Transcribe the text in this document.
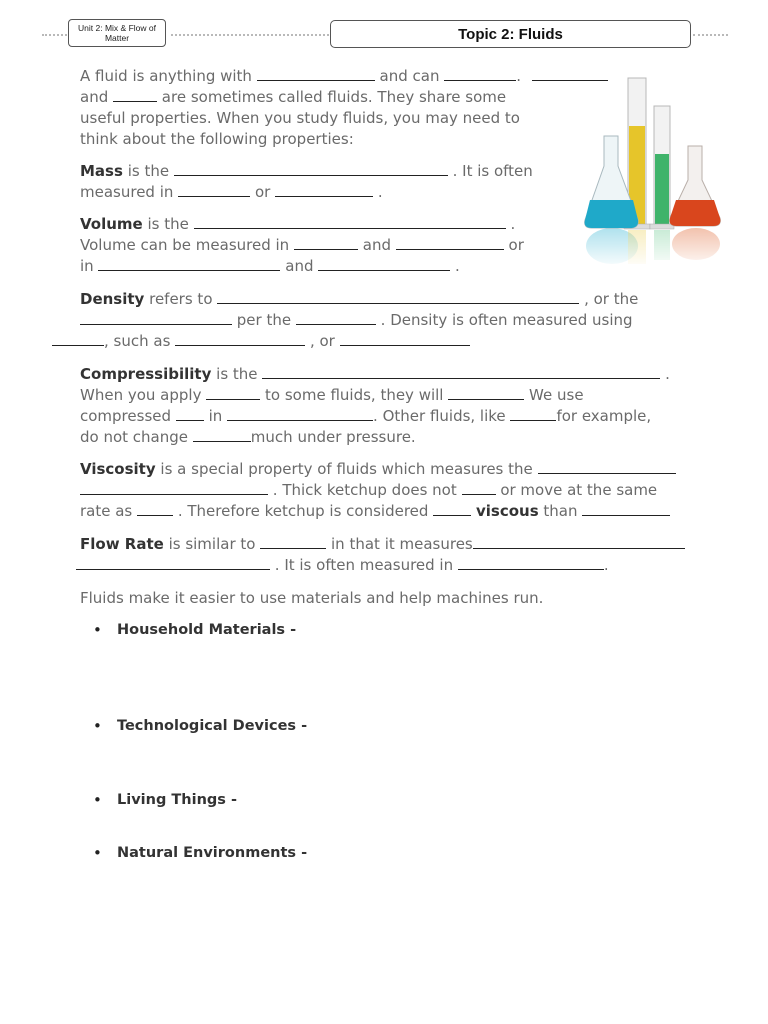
Unit 2: Mix & Flow of
Matter	Topic 2: Fluids
A fluid is anything with	and can	.
and	are sometimes called fluids. They share some
useful properties. When you study fluids, you may need to
think about the following properties:
Mass is the	. It is often
measured in	or	.
Volume is the	.
Volume can be measured in	and	or
in	and	.
Density refers to	, or the
per the	. Density is often measured using
, such as	, or
Compressibility is the	.
When you apply	to some fluids, they will	We use
compressed	in	. Other fluids, like	for example,
do not change	much under pressure.
Viscosity is a special property of fluids which measures the
. Thick ketchup does not	or move at the same
rate as	. Therefore ketchup is considered	viscous than
Flow Rate is similar to	in that it measures
. It is often measured in	.
Fluids make it easier to use materials and help machines run.
• Household Materials -
• Technological Devices -
• Living Things -
• Natural Environments -
